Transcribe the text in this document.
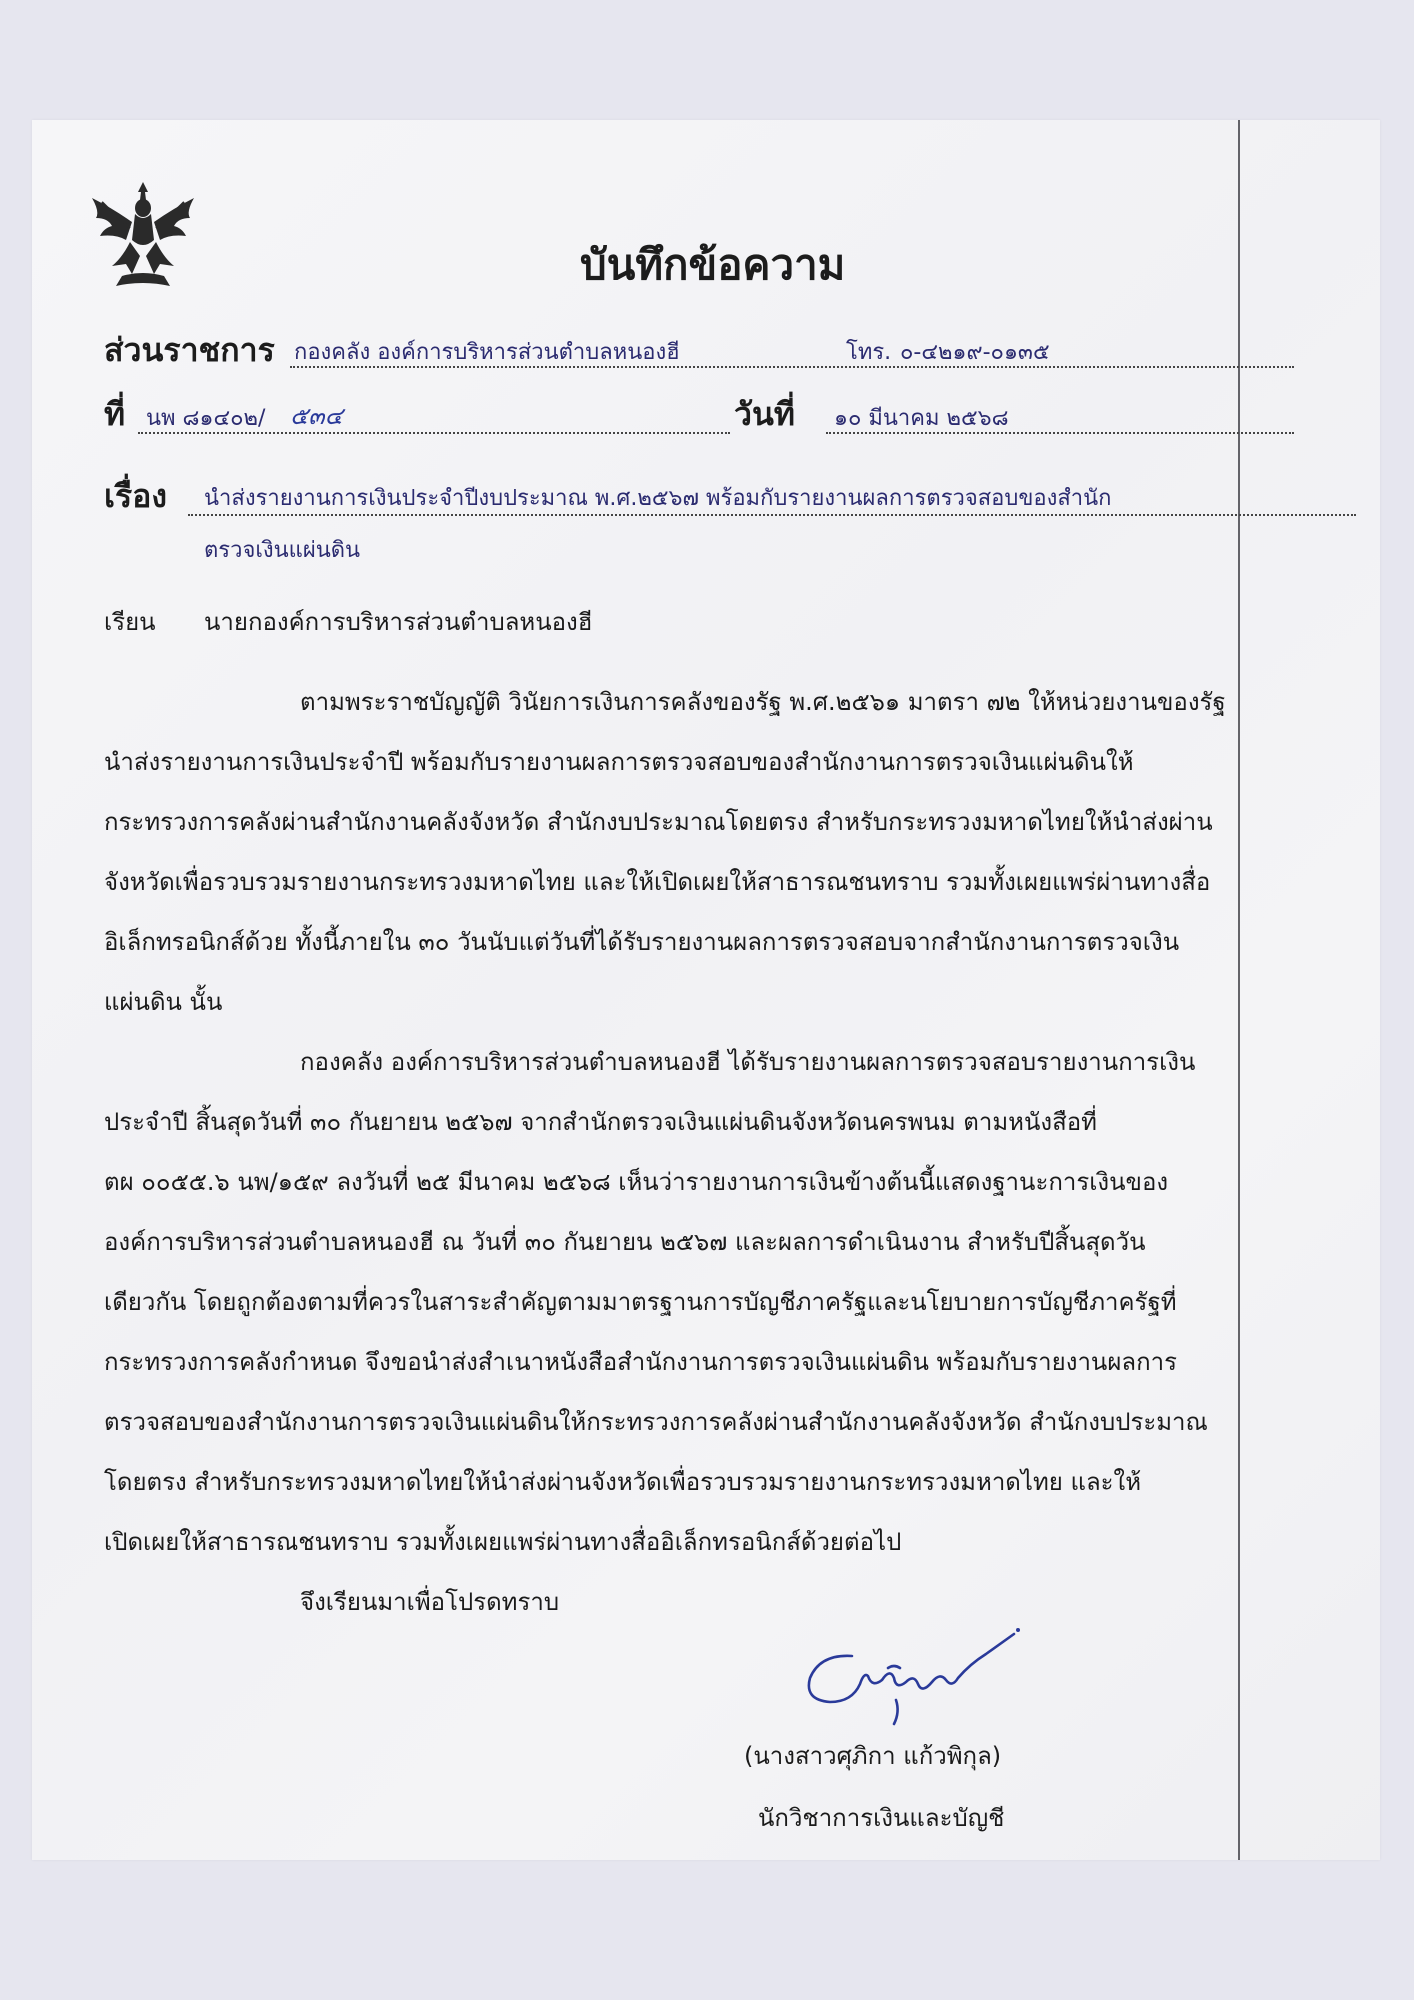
บันทึกข้อความ
ส่วนราชการ กองคลัง องค์การบริหารส่วนตำบลหนองฮี	โทร. ๐-๔๒๑๙-๐๑๓๕
ที่ นพ ๘๑๔๐๒/ ๕๓๔	วันที่ ๑๐ มีนาคม ๒๕๖๘
เรื่อง นำส่งรายงานการเงินประจำปีงบประมาณ พ.ศ.๒๕๖๗ พร้อมกับรายงานผลการตรวจสอบของสำนัก
ตรวจเงินแผ่นดิน
เรียน นายกองค์การบริหารส่วนตำบลหนองฮี
ตามพระราชบัญญัติ วินัยการเงินการคลังของรัฐ พ.ศ.๒๕๖๑ มาตรา ๗๒ ให้หน่วยงานของรัฐ
นำส่งรายงานการเงินประจำปี พร้อมกับรายงานผลการตรวจสอบของสำนักงานการตรวจเงินแผ่นดินให้
กระทรวงการคลังผ่านสำนักงานคลังจังหวัด สำนักงบประมาณโดยตรง สำหรับกระทรวงมหาดไทยให้นำส่งผ่าน
จังหวัดเพื่อรวบรวมรายงานกระทรวงมหาดไทย และให้เปิดเผยให้สาธารณชนทราบ รวมทั้งเผยแพร่ผ่านทางสื่อ
อิเล็กทรอนิกส์ด้วย ทั้งนี้ภายใน ๓๐ วันนับแต่วันที่ได้รับรายงานผลการตรวจสอบจากสำนักงานการตรวจเงิน
แผ่นดิน นั้น
กองคลัง องค์การบริหารส่วนตำบลหนองฮี ได้รับรายงานผลการตรวจสอบรายงานการเงิน
ประจำปี สิ้นสุดวันที่ ๓๐ กันยายน ๒๕๖๗ จากสำนักตรวจเงินแผ่นดินจังหวัดนครพนม ตามหนังสือที่
ตผ ๐๐๕๕.๖ นพ/๑๕๙ ลงวันที่ ๒๕ มีนาคม ๒๕๖๘ เห็นว่ารายงานการเงินข้างต้นนี้แสดงฐานะการเงินของ
องค์การบริหารส่วนตำบลหนองฮี ณ วันที่ ๓๐ กันยายน ๒๕๖๗ และผลการดำเนินงาน สำหรับปีสิ้นสุดวัน
เดียวกัน โดยถูกต้องตามที่ควรในสาระสำคัญตามมาตรฐานการบัญชีภาครัฐและนโยบายการบัญชีภาครัฐที่
กระทรวงการคลังกำหนด จึงขอนำส่งสำเนาหนังสือสำนักงานการตรวจเงินแผ่นดิน พร้อมกับรายงานผลการ
ตรวจสอบของสำนักงานการตรวจเงินแผ่นดินให้กระทรวงการคลังผ่านสำนักงานคลังจังหวัด สำนักงบประมาณ
โดยตรง สำหรับกระทรวงมหาดไทยให้นำส่งผ่านจังหวัดเพื่อรวบรวมรายงานกระทรวงมหาดไทย และให้
เปิดเผยให้สาธารณชนทราบ รวมทั้งเผยแพร่ผ่านทางสื่ออิเล็กทรอนิกส์ด้วยต่อไป
จึงเรียนมาเพื่อโปรดทราบ
(นางสาวศุภิกา แก้วพิกุล)
นักวิชาการเงินและบัญชี
